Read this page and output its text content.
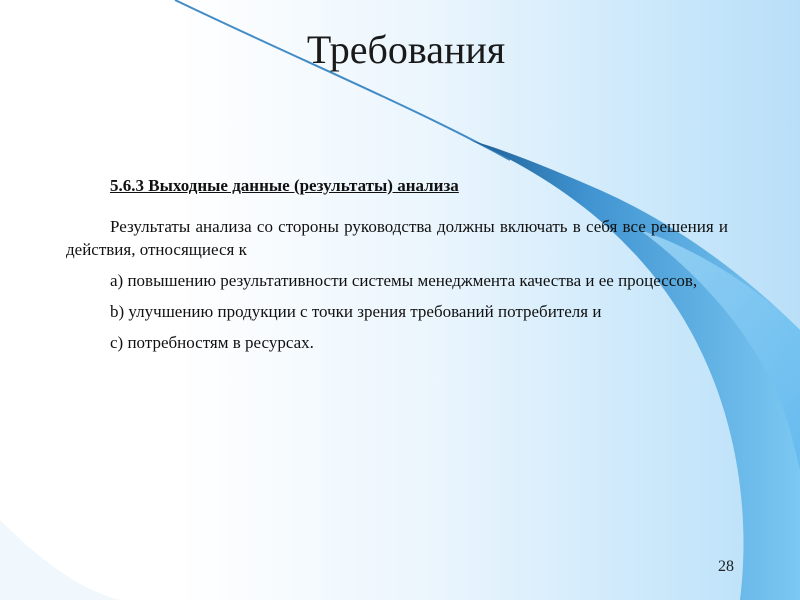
Требования

5.6.3 Выходные данные (результаты) анализа

Результаты анализа со стороны руководства должны включать в себя все решения и действия, относящиеся к

а) повышению результативности системы менеджмента качества и ее процессов,

b) улучшению продукции с точки зрения требований потребителя и

c) потребностям в ресурсах.

28
